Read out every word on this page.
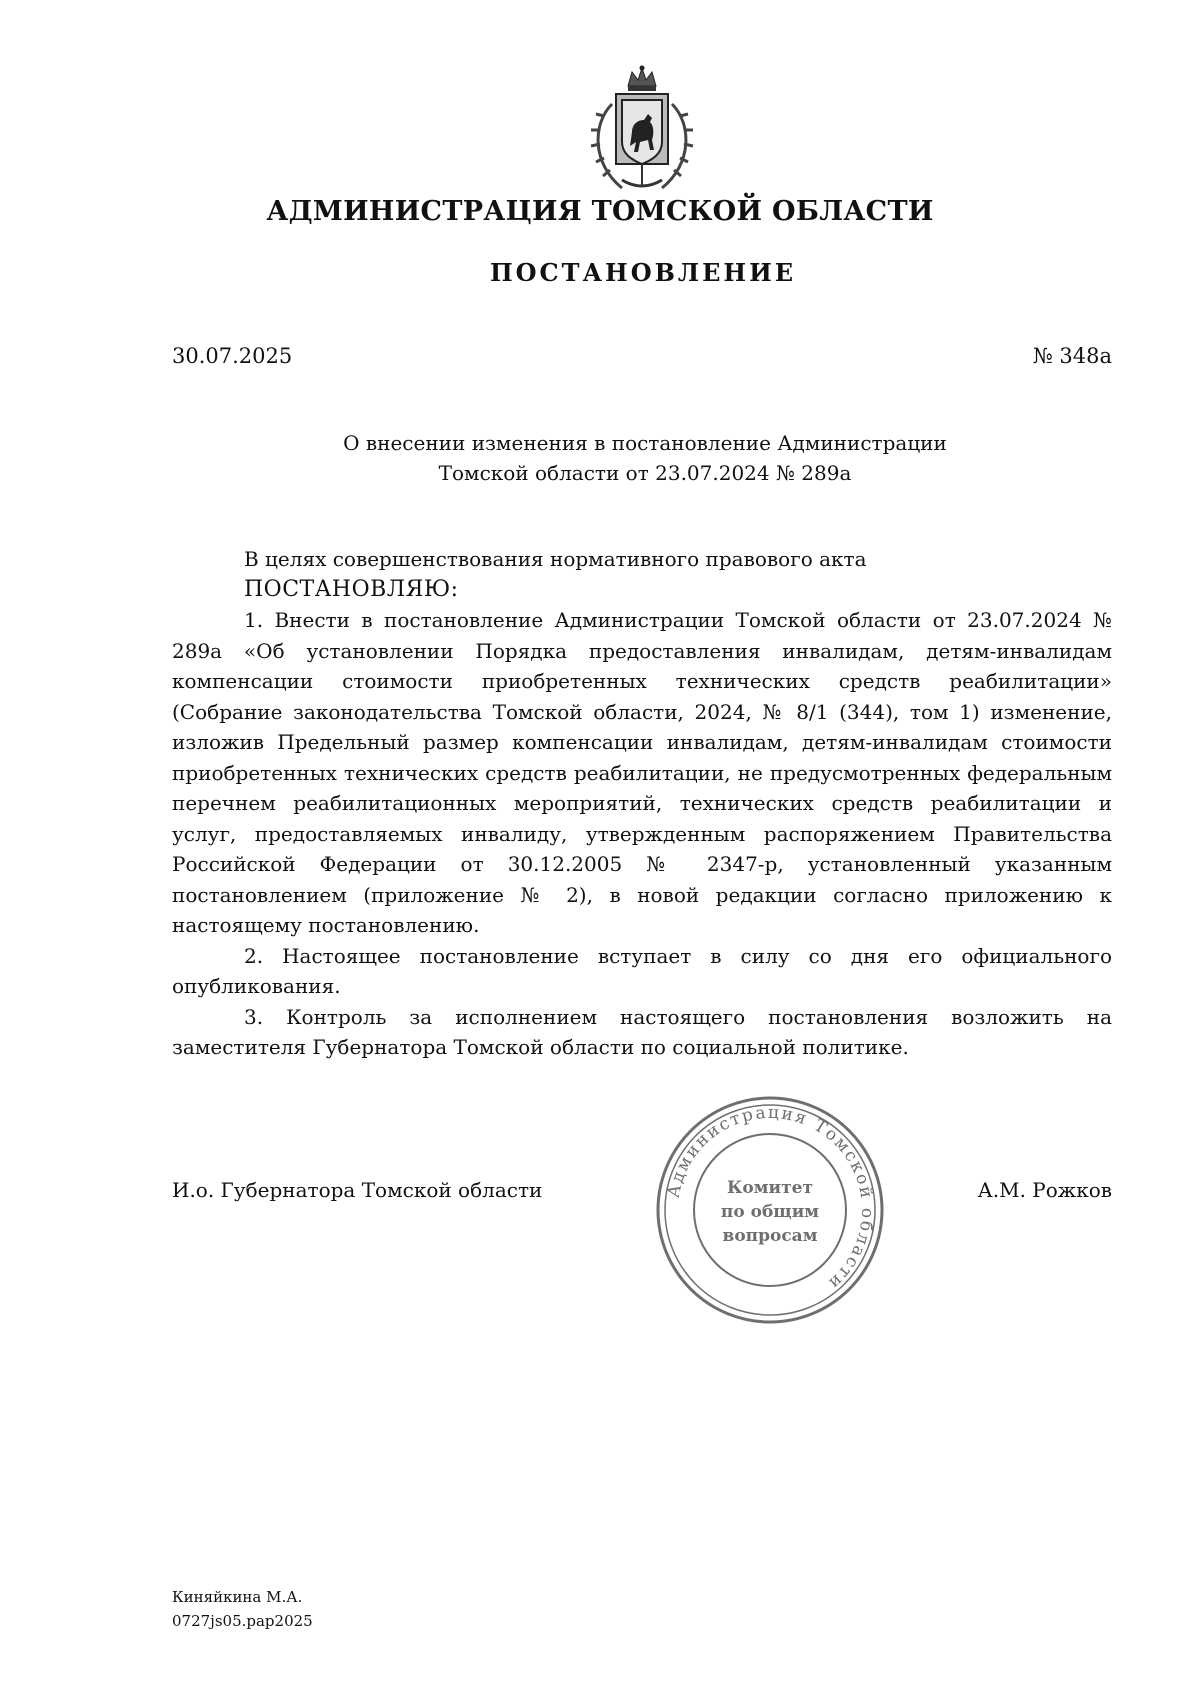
АДМИНИСТРАЦИЯ ТОМСКОЙ ОБЛАСТИ
ПОСТАНОВЛЕНИЕ
30.07.2025	№ 348а
О внесении изменения в постановление Администрации
Томской области от 23.07.2024 № 289а

В целях совершенствования нормативного правового акта

ПОСТАНОВЛЯЮ:

1. Внести в постановление Администрации Томской области от 23.07.2024 № 289а «Об установлении Порядка предоставления инвалидам, детям-инвалидам компенсации стоимости приобретенных технических средств реабилитации» (Собрание законодательства Томской области, 2024, № 8/1 (344), том 1) изменение, изложив Предельный размер компенсации инвалидам, детям-инвалидам стоимости приобретенных технических средств реабилитации, не предусмотренных федеральным перечнем реабилитационных мероприятий, технических средств реабилитации и услуг, предоставляемых инвалиду, утвержденным распоряжением Правительства Российской Федерации от 30.12.2005 № 2347-р, установленный указанным постановлением (приложение № 2), в новой редакции согласно приложению к настоящему постановлению.

2. Настоящее постановление вступает в силу со дня его официального опубликования.

3. Контроль за исполнением настоящего постановления возложить на заместителя Губернатора Томской области по социальной политике.

И.о. Губернатора Томской области	А.М. Рожков
Администрация Томской области
Комитет
по общим
вопросам
Киняйкина М.А.
0727js05.рар2025
